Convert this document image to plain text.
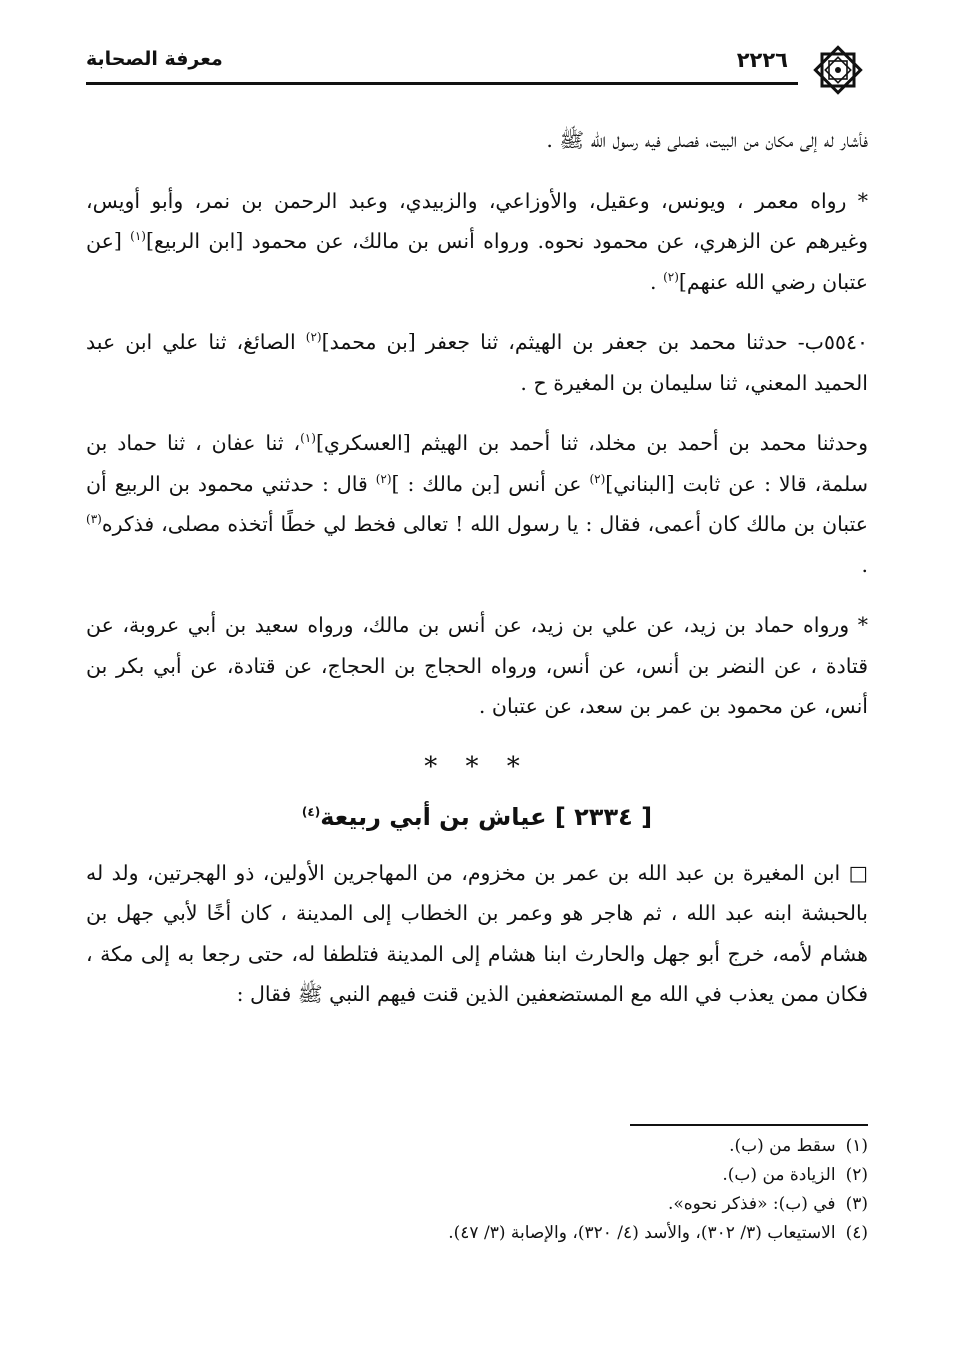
٢٢٢٦
معرفة الصحابة

فأشار له إلى مكان من البيت، فصلى فيه رسول الله ﷺ .

* رواه معمر ، ويونس، وعقيل، والأوزاعي، والزبيدي، وعبد الرحمن بن نمر، وأبو أويس، وغيرهم عن الزهري، عن محمود نحوه. ورواه أنس بن مالك، عن محمود [ابن الربيع]$^{(١)}$ [عن عتبان رضي الله عنهم]$^{(٢)}$ .

٥٥٤٠ب- حدثنا محمد بن جعفر بن الهيثم، ثنا جعفر [بن محمد]$^{(٢)}$ الصائغ، ثنا علي ابن عبد الحميد المعني، ثنا سليمان بن المغيرة ح .

وحدثنا محمد بن أحمد بن مخلد، ثنا أحمد بن الهيثم [العسكري]$^{(١)}$، ثنا عفان ، ثنا حماد بن سلمة، قالا : عن ثابت [البناني]$^{(٢)}$ عن أنس [بن مالك : ]$^{(٢)}$ قال : حدثني محمود بن الربيع أن عتبان بن مالك كان أعمى، فقال : يا رسول الله ! تعالى فخط لي خطًا أتخذه مصلى، فذكره$^{(٣)}$ .

* ورواه حماد بن زيد، عن علي بن زيد، عن أنس بن مالك، ورواه سعيد بن أبي عروبة، عن قتادة ، عن النضر بن أنس، عن أنس، ورواه الحجاج بن الحجاج، عن قتادة، عن أبي بكر بن أنس، عن محمود بن عمر بن سعد، عن عتبان .

* * *
[ ٢٣٣٤ ] عياش بن أبي ربيعة$^{(٤)}$

□ ابن المغيرة بن عبد الله بن عمر بن مخزوم، من المهاجرين الأولين، ذو الهجرتين، ولد له بالحبشة ابنه عبد الله ، ثم هاجر هو وعمر بن الخطاب إلى المدينة ، كان أخًا لأبي جهل بن هشام لأمه، خرج أبو جهل والحارث ابنا هشام إلى المدينة فتلطفا له، حتى رجعا به إلى مكة ، فكان ممن يعذب في الله مع المستضعفين الذين قنت فيهم النبي ﷺ فقال :

(١)سقط من (ب).
(٢)الزيادة من (ب).
(٣)في (ب): «فذكر نحوه».
(٤)الاستيعاب (٣/ ٣٠٢)، والأسد (٤/ ٣٢٠)، والإصابة (٣/ ٤٧).
